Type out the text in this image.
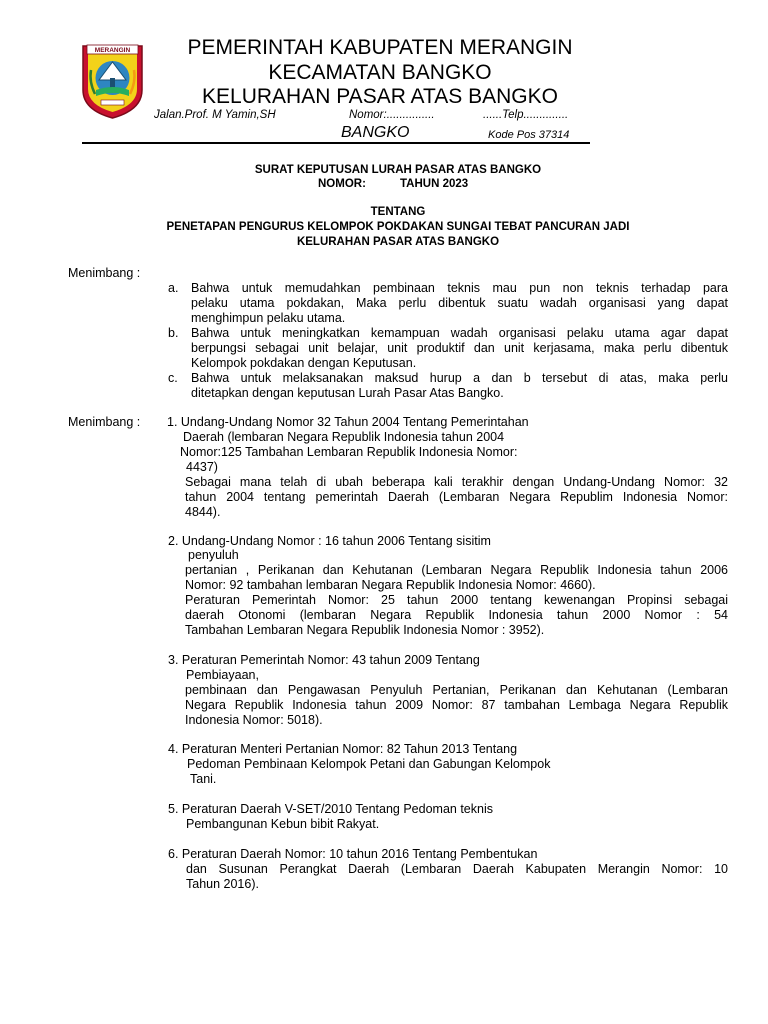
MERANGIN	PEMERINTAH KABUPATEN MERANGIN
KECAMATAN BANGKO
KELURAHAN PASAR ATAS BANGKO
Jalan.Prof. M Yamin,SH	Nomor:...............	......Telp..............
BANGKO	Kode Pos 37314
SURAT KEPUTUSAN LURAH PASAR ATAS BANGKO
NOMOR:	TAHUN 2023
TENTANG
PENETAPAN PENGURUS KELOMPOK POKDAKAN SUNGAI TEBAT PANCURAN JADI
KELURAHAN PASAR ATAS BANGKO
Menimbang :
a. Bahwa untuk memudahkan pembinaan teknis mau pun non teknis terhadap para
pelaku utama pokdakan, Maka perlu dibentuk suatu wadah organisasi yang dapat
menghimpun pelaku utama.
b. Bahwa untuk meningkatkan kemampuan wadah organisasi pelaku utama agar dapat
berpungsi sebagai unit belajar, unit produktif dan unit kerjasama, maka perlu dibentuk
Kelompok pokdakan dengan Keputusan.
c. Bahwa untuk melaksanakan maksud hurup a dan b tersebut di atas, maka perlu
ditetapkan dengan keputusan Lurah Pasar Atas Bangko.
Menimbang : 1. Undang-Undang Nomor 32 Tahun 2004 Tentang Pemerintahan
Daerah (lembaran Negara Republik Indonesia tahun 2004
Nomor:125 Tambahan Lembaran Republik Indonesia Nomor:
4437)
Sebagai mana telah di ubah beberapa kali terakhir dengan Undang-Undang Nomor: 32
tahun 2004 tentang pemerintah Daerah (Lembaran Negara Republim Indonesia Nomor:
4844).
2. Undang-Undang Nomor : 16 tahun 2006 Tentang sisitim
penyuluh
pertanian , Perikanan dan Kehutanan (Lembaran Negara Republik Indonesia tahun 2006
Nomor: 92 tambahan lembaran Negara Republik Indonesia Nomor: 4660).
Peraturan Pemerintah Nomor: 25 tahun 2000 tentang kewenangan Propinsi sebagai
daerah Otonomi (lembaran Negara Republik Indonesia tahun 2000 Nomor : 54
Tambahan Lembaran Negara Republik Indonesia Nomor : 3952).
3. Peraturan Pemerintah Nomor: 43 tahun 2009 Tentang
Pembiayaan,
pembinaan dan Pengawasan Penyuluh Pertanian, Perikanan dan Kehutanan (Lembaran
Negara Republik Indonesia tahun 2009 Nomor: 87 tambahan Lembaga Negara Republik
Indonesia Nomor: 5018).
4. Peraturan Menteri Pertanian Nomor: 82 Tahun 2013 Tentang
Pedoman Pembinaan Kelompok Petani dan Gabungan Kelompok
Tani.
5. Peraturan Daerah V-SET/2010 Tentang Pedoman teknis
Pembangunan Kebun bibit Rakyat.
6. Peraturan Daerah Nomor: 10 tahun 2016 Tentang Pembentukan
dan Susunan Perangkat Daerah (Lembaran Daerah Kabupaten Merangin Nomor: 10
Tahun 2016).
